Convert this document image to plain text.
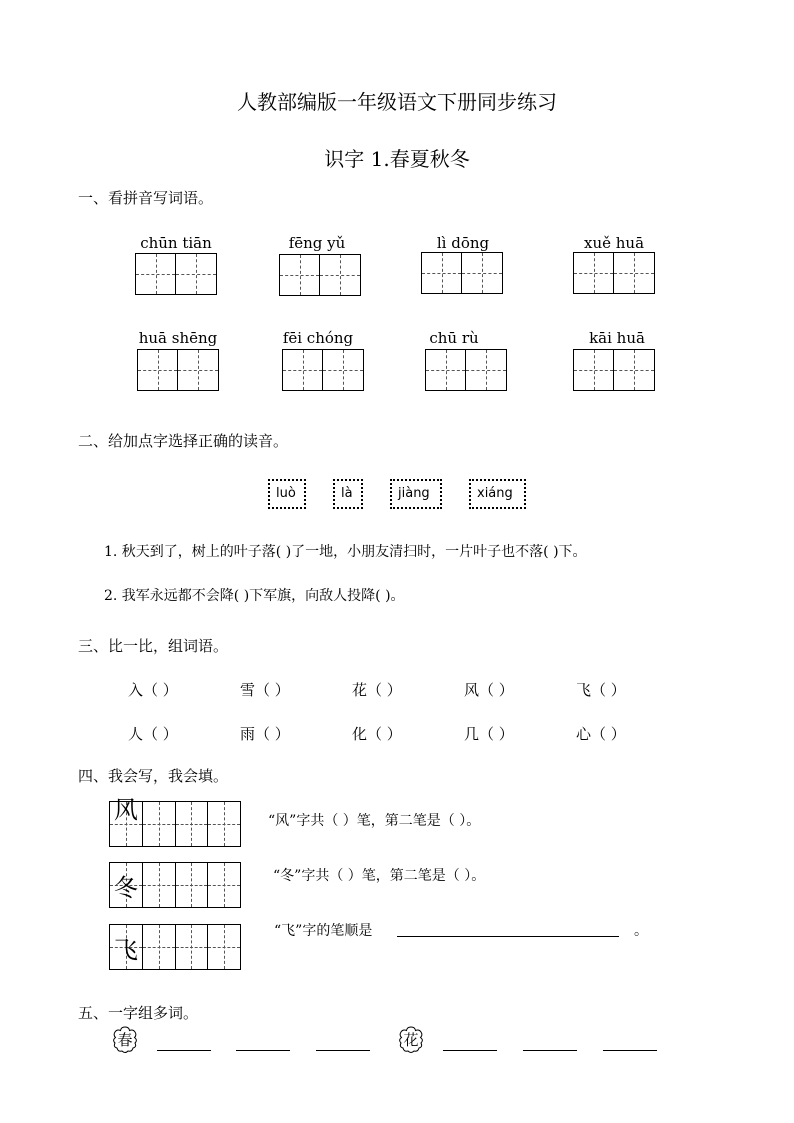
人教部编版一年级语文下册同步练习
识字 1.春夏秋冬
一、看拼音写词语。
chūn tiān	fēng yǔ	lì dōng	xuě huā
huā shēng	fēi chóng	chū rù	kāi huā
二、给加点字选择正确的读音。
luò	là	jiàng	xiáng
1. 秋天到了，树上的叶子落( )了一地，小朋友清扫时，一片叶子也不落( )下。
2. 我军永远都不会降( )下军旗，向敌人投降( )。
三、比一比，组词语。
入（ ）	雪（ ）	花（ ）	风（ ）	飞（ ）
人（ ）	雨（ ）	化（ ）	几（ ）	心（ ）
四、我会写，我会填。
风	“风”字共（ ）笔，第二笔是（ ）。
冬	“冬”字共（ ）笔，第二笔是（ ）。
飞
“飞”字的笔顺是	。
五、一字组多词。
春	花
